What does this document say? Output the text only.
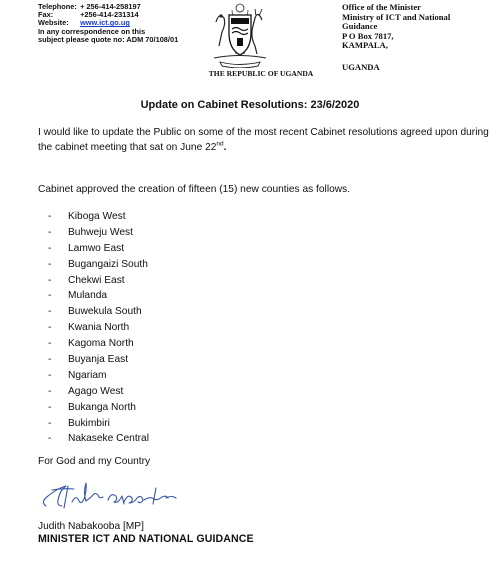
Telephone: + 256-414-258197
Fax:	+256-414-231314
Website: www.ict.go.ug
In any correspondence on this
subject please quote no: ADM 70/108/01
THE REPUBLIC OF UGANDA
Office of the Minister
Ministry of ICT and National
Guidance
P O Box 7817,
KAMPALA,
UGANDA
Update on Cabinet Resolutions: 23/6/2020
I would like to update the Public on some of the most recent Cabinet resolutions agreed upon during the cabinet meeting that sat on June 22nd.
Cabinet approved the creation of fifteen (15) new counties as follows.
- Kiboga West
- Buhweju West
- Lamwo East
- Bugangaizi South
- Chekwi East
- Mulanda
- Buwekula South
- Kwania North
- Kagoma North
- Buyanja East
- Ngariam
- Agago West
- Bukanga North
- Bukimbiri
- Nakaseke Central
For God and my Country
Judith Nabakooba [MP]
MINISTER ICT AND NATIONAL GUIDANCE
